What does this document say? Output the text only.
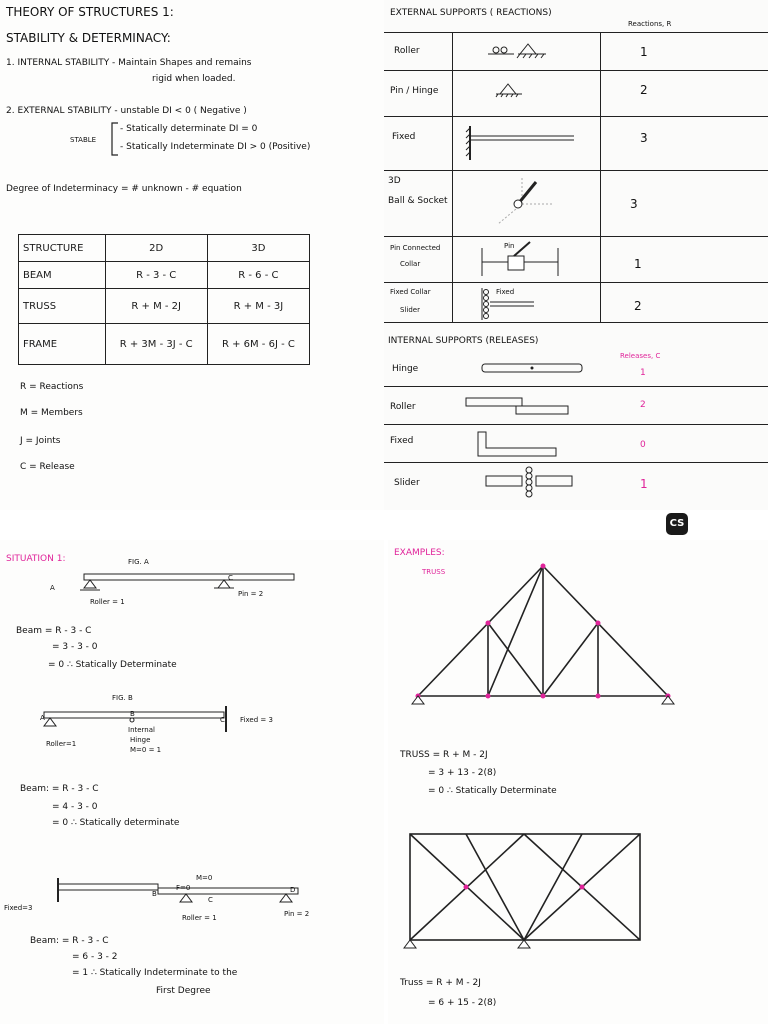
THEORY OF STRUCTURES 1:
STABILITY & DETERMINACY:
1. INTERNAL STABILITY - Maintain Shapes and remains
rigid when loaded.
2. EXTERNAL STABILITY - unstable DI < 0 ( Negative )
STABLE
- Statically determinate DI = 0
- Statically Indeterminate DI > 0 (Positive)
Degree of Indeterminacy = # unknown - # equation
STRUCTURE	2D	3D
BEAM	R - 3 - C	R - 6 - C
TRUSS	R + M - 2J	R + M - 3J
FRAME	R + 3M - 3J - C	R + 6M - 6J - C
R = Reactions
M = Members
J = Joints
C = Release
EXTERNAL SUPPORTS ( REACTIONS)
Reactions, R
Roller	1
Pin / Hinge	2
Fixed	3
3D
Ball & Socket	3
Pin Connected
Collar	1
Fixed Collar
Slider	2
Pin
Fixed
INTERNAL SUPPORTS (RELEASES)
Releases, C
Hinge	1
Roller	2
Fixed	0
Slider	1
CS
SITUATION 1:	FIG. A
A
C
Roller = 1
Pin = 2
Beam = R - 3 - C
= 3 - 3 - 0
= 0 ∴ Statically Determinate
FIG. B
A	B
C Fixed = 3
Roller=1
Internal
Hinge
M=0 = 1
Beam: = R - 3 - C
= 4 - 3 - 0
= 0 ∴ Statically determinate
M=0
F=0
B
C
D
Fixed=3
Roller = 1	Pin = 2
Beam: = R - 3 - C
= 6 - 3 - 2
= 1 ∴ Statically Indeterminate to the
First Degree
EXAMPLES:
TRUSS
TRUSS = R + M - 2J
= 3 + 13 - 2(8)
= 0 ∴ Statically Determinate
Truss = R + M - 2J
= 6 + 15 - 2(8)
